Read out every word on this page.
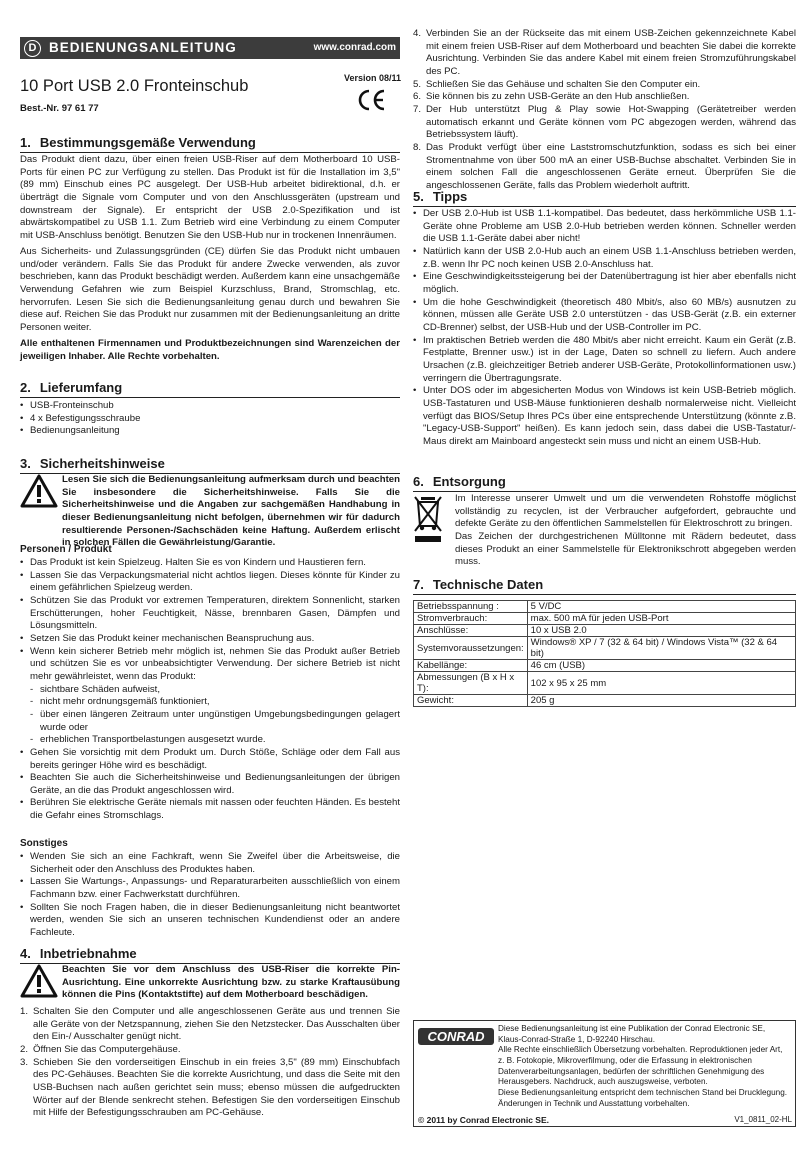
D BEDIENUNGSANLEITUNG	www.conrad.com
10 Port USB 2.0 Fronteinschub	Version 08/11
Best.-Nr. 97 61 77
1. Bestimmungsgemäße Verwendung

Das Produkt dient dazu, über einen freien USB-Riser auf dem Motherboard 10 USB-Ports für einen PC zur Verfügung zu stellen. Das Produkt ist für die Installation im 3,5" (89 mm) Einschub eines PC ausgelegt. Der USB-Hub arbeitet bidirektional, d.h. er überträgt die Signale vom Computer und von den Anschlussgeräten (upstream und downstream der Signale). Er entspricht der USB 2.0-Spezifikation und ist abwärtskompatibel zu USB 1.1. Zum Betrieb wird eine Verbindung zu einem Computer mit USB-Anschluss benötigt. Benutzen Sie den USB-Hub nur in trockenen Innenräumen.

Aus Sicherheits- und Zulassungsgründen (CE) dürfen Sie das Produkt nicht umbauen und/oder verändern. Falls Sie das Produkt für andere Zwecke verwenden, als zuvor beschrieben, kann das Produkt beschädigt werden. Außerdem kann eine unsachgemäße Verwendung Gefahren wie zum Beispiel Kurzschluss, Brand, Stromschlag, etc. hervorrufen. Lesen Sie sich die Bedienungsanleitung genau durch und bewahren Sie diese auf. Reichen Sie das Produkt nur zusammen mit der Bedienungsanleitung an dritte Personen weiter.

Alle enthaltenen Firmennamen und Produktbezeichnungen sind Warenzeichen der jeweiligen Inhaber. Alle Rechte vorbehalten.

2. Lieferumfang
• USB-Fronteinschub
• 4 x Befestigungsschraube
• Bedienungsanleitung
3. Sicherheitshinweise
Lesen Sie sich die Bedienungsanleitung aufmerksam durch und beachten Sie insbesondere die Sicherheitshinweise. Falls Sie die Sicherheitshinweise und die Angaben zur sachgemäßen Handhabung in dieser Bedienungsanleitung nicht befolgen, übernehmen wir für dadurch resultierende Personen-/Sachschäden keine Haftung. Außerdem erlischt in solchen Fällen die Gewährleistung/Garantie.
Personen / Produkt
• Das Produkt ist kein Spielzeug. Halten Sie es von Kindern und Haustieren fern.
• Lassen Sie das Verpackungsmaterial nicht achtlos liegen. Dieses könnte für Kinder zu einem gefährlichen Spielzeug werden.
• Schützen Sie das Produkt vor extremen Temperaturen, direktem Sonnenlicht, starken Erschütterungen, hoher Feuchtigkeit, Nässe, brennbaren Gasen, Dämpfen und Lösungsmitteln.
• Setzen Sie das Produkt keiner mechanischen Beanspruchung aus.
• Wenn kein sicherer Betrieb mehr möglich ist, nehmen Sie das Produkt außer Betrieb und schützen Sie es vor unbeabsichtigter Verwendung. Der sichere Betrieb ist nicht mehr gewährleistet, wenn das Produkt:
- sichtbare Schäden aufweist,
- nicht mehr ordnungsgemäß funktioniert,
- über einen längeren Zeitraum unter ungünstigen Umgebungsbedingungen gelagert wurde oder
- erheblichen Transportbelastungen ausgesetzt wurde.
• Gehen Sie vorsichtig mit dem Produkt um. Durch Stöße, Schläge oder dem Fall aus bereits geringer Höhe wird es beschädigt.
• Beachten Sie auch die Sicherheitshinweise und Bedienungsanleitungen der übrigen Geräte, an die das Produkt angeschlossen wird.
• Berühren Sie elektrische Geräte niemals mit nassen oder feuchten Händen. Es besteht die Gefahr eines Stromschlags.
Sonstiges
• Wenden Sie sich an eine Fachkraft, wenn Sie Zweifel über die Arbeitsweise, die Sicherheit oder den Anschluss des Produktes haben.
• Lassen Sie Wartungs-, Anpassungs- und Reparaturarbeiten ausschließlich von einem Fachmann bzw. einer Fachwerkstatt durchführen.
• Sollten Sie noch Fragen haben, die in dieser Bedienungsanleitung nicht beantwortet werden, wenden Sie sich an unseren technischen Kundendienst oder an andere Fachleute.
4. Inbetriebnahme
Beachten Sie vor dem Anschluss des USB-Riser die korrekte Pin-Ausrichtung. Eine unkorrekte Ausrichtung bzw. zu starke Kraftausübung können die Pins (Kontaktstifte) auf dem Motherboard beschädigen.
1. Schalten Sie den Computer und alle angeschlossenen Geräte aus und trennen Sie alle Geräte von der Netzspannung, ziehen Sie den Netzstecker. Das Ausschalten über den Ein-/ Ausschalter genügt nicht.
2. Öffnen Sie das Computergehäuse.
3. Schieben Sie den vorderseitigen Einschub in ein freies 3,5" (89 mm) Einschubfach des PC-Gehäuses. Beachten Sie die korrekte Ausrichtung, und dass die Seite mit den USB-Buchsen nach außen gerichtet sein muss; ebenso müssen die aufgedruckten Wörter auf der Blende senkrecht stehen. Befestigen Sie den vorderseitigen Einschub mit Hilfe der Befestigungsschrauben am PC-Gehäuse.
4. Verbinden Sie an der Rückseite das mit einem USB-Zeichen gekennzeichnete Kabel mit einem freien USB-Riser auf dem Motherboard und beachten Sie dabei die korrekte Ausrichtung. Verbinden Sie das andere Kabel mit einem freien Stromzuführungskabel des PC.
5. Schließen Sie das Gehäuse und schalten Sie den Computer ein.
6. Sie können bis zu zehn USB-Geräte an den Hub anschließen.
7. Der Hub unterstützt Plug & Play sowie Hot-Swapping (Gerätetreiber werden automatisch erkannt und Geräte können vom PC abgezogen werden, während das Betriebssystem läuft).
8. Das Produkt verfügt über eine Laststromschutzfunktion, sodass es sich bei einer Stromentnahme von über 500 mA an einer USB-Buchse abschaltet. Verbinden Sie in einem solchen Fall die angeschlossenen Geräte erneut. Überprüfen Sie die angeschlossenen Geräte, falls das Problem wiederholt auftritt.
5. Tipps
• Der USB 2.0-Hub ist USB 1.1-kompatibel. Das bedeutet, dass herkömmliche USB 1.1-Geräte ohne Probleme am USB 2.0-Hub betrieben werden können. Schneller werden die USB 1.1-Geräte dabei aber nicht!
• Natürlich kann der USB 2.0-Hub auch an einem USB 1.1-Anschluss betrieben werden, z.B. wenn Ihr PC noch keinen USB 2.0-Anschluss hat.
• Eine Geschwindigkeitssteigerung bei der Datenübertragung ist hier aber ebenfalls nicht möglich.
• Um die hohe Geschwindigkeit (theoretisch 480 Mbit/s, also 60 MB/s) ausnutzen zu können, müssen alle Geräte USB 2.0 unterstützen - das USB-Gerät (z.B. ein externer CD-Brenner) selbst, der USB-Hub und der USB-Controller im PC.
• Im praktischen Betrieb werden die 480 Mbit/s aber nicht erreicht. Kaum ein Gerät (z.B. Festplatte, Brenner usw.) ist in der Lage, Daten so schnell zu liefern. Auch andere Ursachen (z.B. gleichzeitiger Betrieb anderer USB-Geräte, Protokollinformationen usw.) verringern die Übertragungsrate.
• Unter DOS oder im abgesicherten Modus von Windows ist kein USB-Betrieb möglich. USB-Tastaturen und USB-Mäuse funktionieren deshalb normalerweise nicht. Vielleicht verfügt das BIOS/Setup Ihres PCs über eine entsprechende Unterstützung (könnte z.B. "Legacy-USB-Support" heißen). Es kann jedoch sein, dass dabei die USB-Tastatur/-Maus direkt am Mainboard angesteckt sein muss und nicht an einem USB-Hub.
6. Entsorgung

Im Interesse unserer Umwelt und um die verwendeten Rohstoffe möglichst vollständig zu recyclen, ist der Verbraucher aufgefordert, gebrauchte und defekte Geräte zu den öffentlichen Sammelstellen für Elektroschrott zu bringen.

Das Zeichen der durchgestrichenen Mülltonne mit Rädern bedeutet, dass dieses Produkt an einer Sammelstelle für Elektronikschrott abgegeben werden muss.

7. Technische Daten
Betriebsspannung :	5 V/DC
Stromverbrauch:	max. 500 mA für jeden USB-Port
Anschlüsse:	10 x USB 2.0
Systemvoraussetzungen:	Windows® XP / 7 (32 & 64 bit) / Windows Vista™ (32 & 64 bit)
Kabellänge:	46 cm (USB)
Abmessungen (B x H x T):	102 x 95 x 25 mm
Gewicht:	205 g
CONRAD
Diese Bedienungsanleitung ist eine Publikation der Conrad Electronic SE, Klaus-Conrad-Straße 1, D-92240 Hirschau.
Alle Rechte einschließlich Übersetzung vorbehalten. Reproduktionen jeder Art, z. B. Fotokopie, Mikroverfilmung, oder die Erfassung in elektronischen Datenverarbeitungsanlagen, bedürfen der schriftlichen Genehmigung des Herausgebers. Nachdruck, auch auszugsweise, verboten.
Diese Bedienungsanleitung entspricht dem technischen Stand bei Drucklegung. Änderungen in Technik und Ausstattung vorbehalten.
© 2011 by Conrad Electronic SE.	V1_0811_02-HL
